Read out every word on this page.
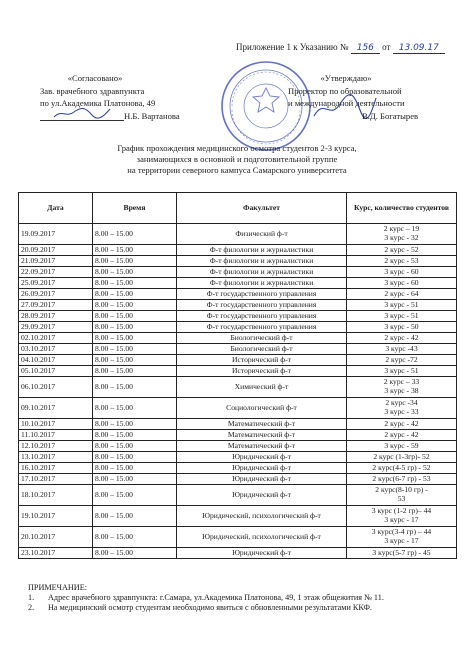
Приложение 1 к Указанию № 156 от 13.09.17
«Согласовано»
Зав. врачебного здравпункта
по ул.Академика Платонова, 49
Н.Б. Вартанова
«Утверждаю»
Проректор по образовательной
и международной деятельности
В.Д. Богатырев
График прохождения медицинского осмотра студентов 2-3 курса,
занимающихся в основной и подготовительной группе
на территории северного кампуса Самарского университета
Дата	Время	Факультет	Курс, количество студентов
19.09.2017	8.00 – 15.00	Физический ф-т	2 курс – 19
3 курс - 32
20.09.2017	8.00 – 15.00	Ф-т филологии и журналистики	2 курс - 52
21.09.2017	8.00 – 15.00	Ф-т филологии и журналистики	2 курс - 53
22.09.2017	8.00 – 15.00	Ф-т филологии и журналистики	3 курс - 60
25.09.2017	8.00 – 15.00	Ф-т филологии и журналистики	3 курс - 60
26.09.2017	8.00 – 15.00	Ф-т государственного управления	2 курс - 64
27.09.2017	8.00 – 15.00	Ф-т государственного управления	3 курс - 51
28.09.2017	8.00 – 15.00	Ф-т государственного управления	3 курс - 51
29.09.2017	8.00 – 15.00	Ф-т государственного управления	3 курс - 50
02.10.2017	8.00 – 15.00	Биологический ф-т	2 курс - 42
03.10.2017	8.00 – 15.00	Биологический ф-т	3 курс -43
04.10.2017	8.00 – 15.00	Исторический ф-т	2 курс -72
05.10.2017	8.00 – 15.00	Исторический ф-т	3 курс - 51
06.10.2017	8.00 – 15.00	Химический ф-т	2 курс – 33
3 курс - 38
09.10.2017	8.00 – 15.00	Социологический ф-т	2 курс -34
3 курс - 33
10.10.2017	8.00 – 15.00	Математический ф-т	2 курс - 42
11.10.2017	8.00 – 15.00	Математический ф-т	2 курс - 42
12.10.2017	8.00 – 15.00	Математический ф-т	3 курс - 59
13.10.2017	8.00 – 15.00	Юридический ф-т	2 курс (1-3гр)- 52
16.10.2017	8.00 – 15.00	Юридический ф-т	2 курс(4-5 гр) - 52
17.10.2017	8.00 – 15.00	Юридический ф-т	2 курс(6-7 гр) - 53
18.10.2017	8.00 – 15.00	Юридический ф-т	2 курс(8-10 гр) -
53
19.10.2017	8.00 – 15.00	Юридический, психологический ф-т	3 курс (1-2 гр)– 44
3 курс - 17
20.10.2017	8.00 – 15.00	Юридический, психологический ф-т	3 курс(3-4 гр) – 44
3 курс - 17
23.10.2017	8.00 – 15.00	Юридический ф-т	3 курс(5-7 гр) - 45
ПРИМЕЧАНИЕ:
1. Адрес врачебного здравпункта: г.Самара, ул.Академика Платонова, 49, 1 этаж общежития № 11.
2. На медицинский осмотр студентам необходимо явиться с обновленными результатами ККФ.
